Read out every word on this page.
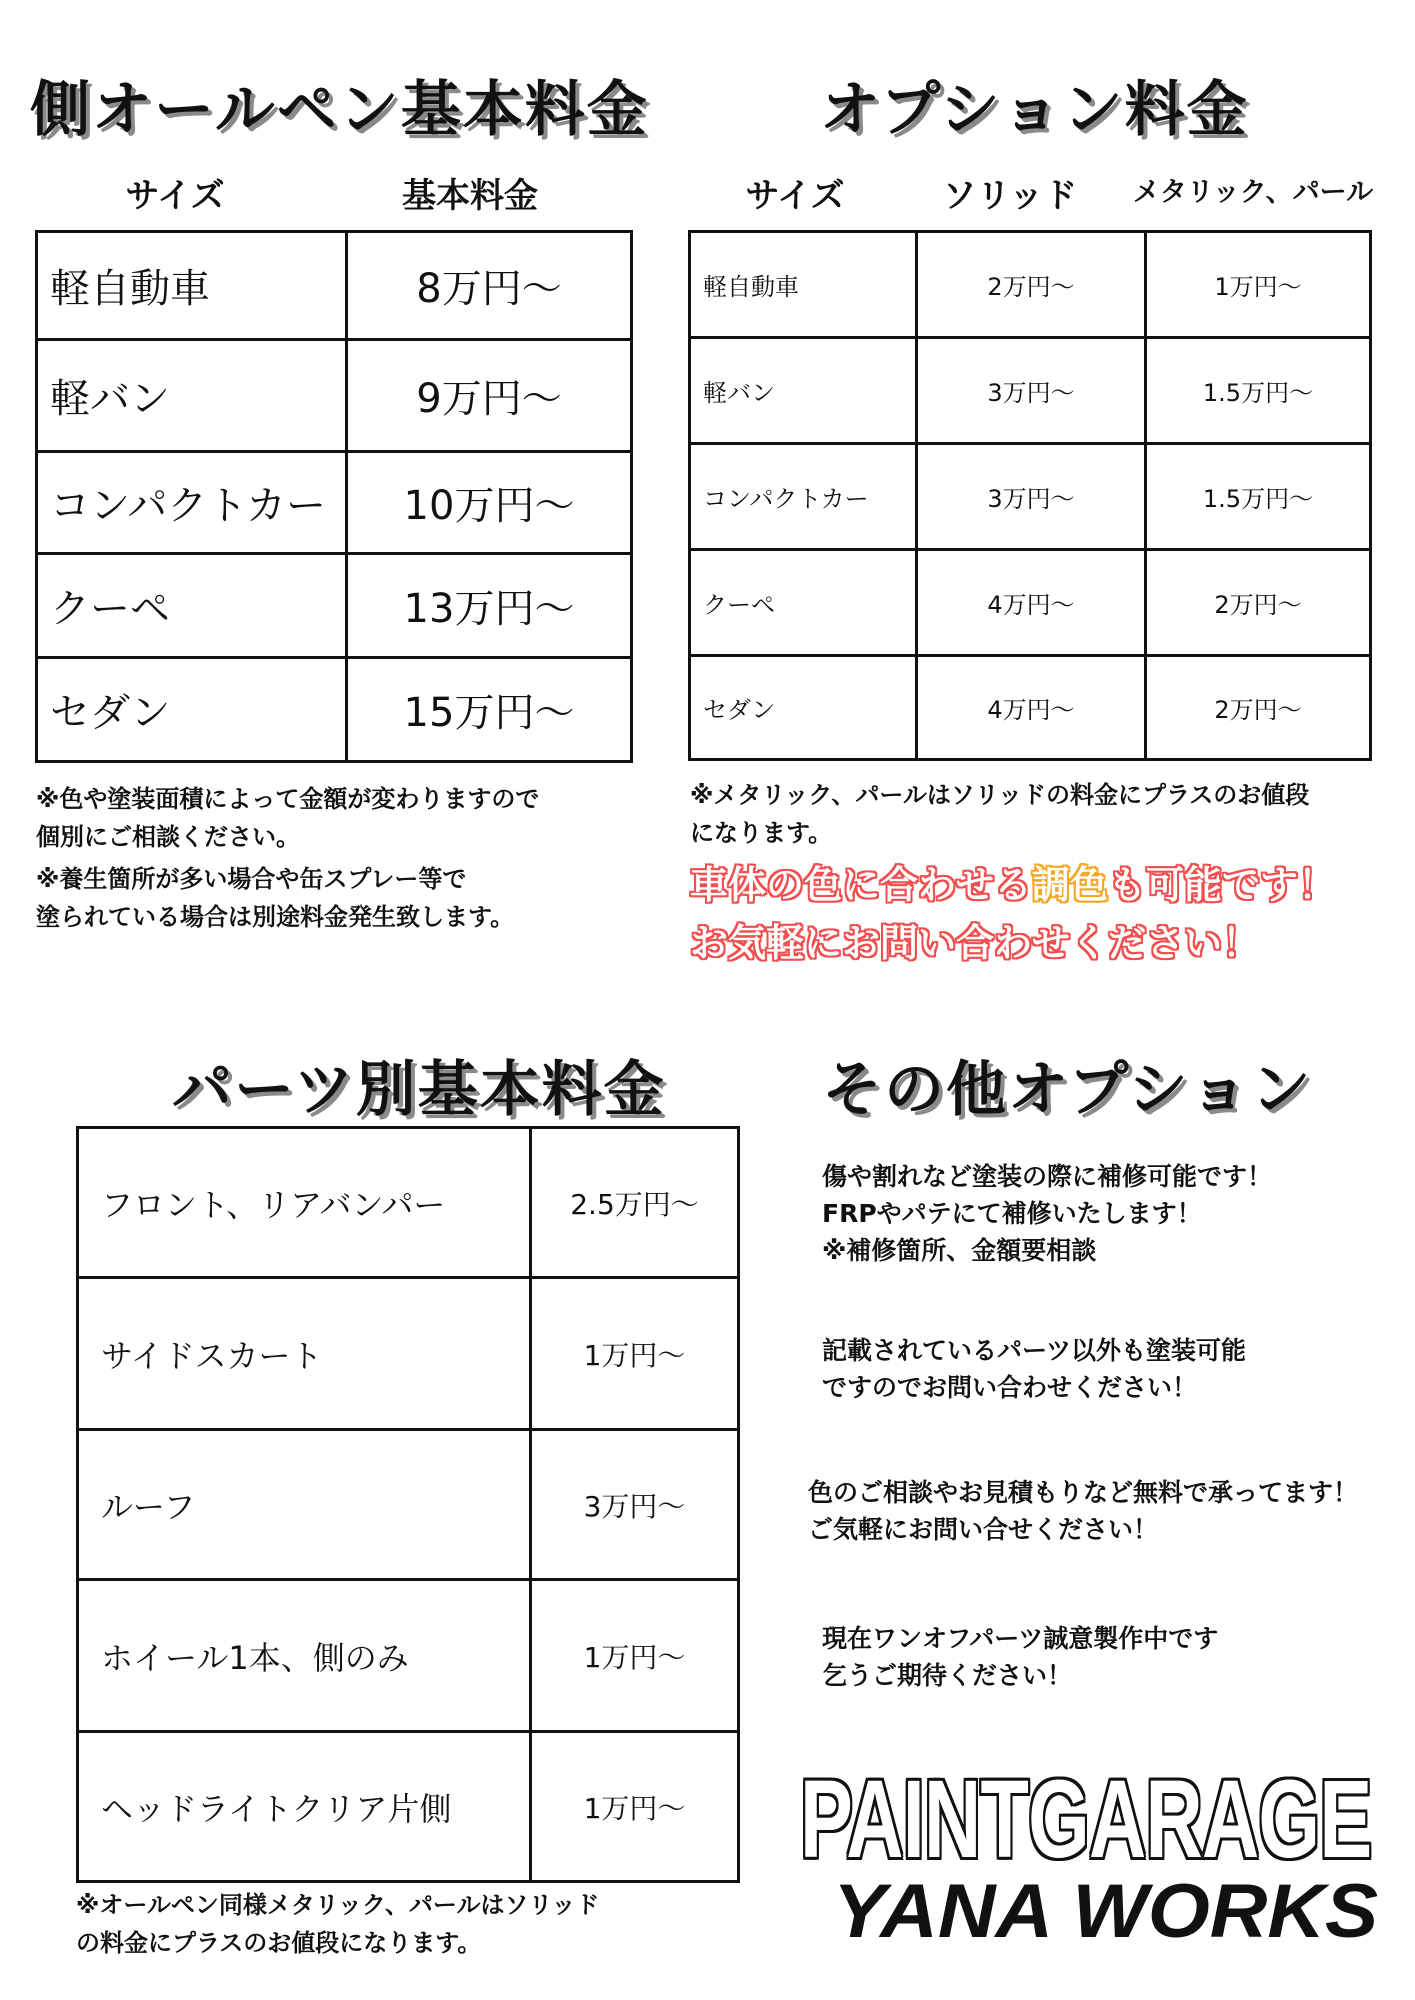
側オールペン基本料金
サイズ	基本料金
軽自動車	8万円〜
軽バン	9万円〜
コンパクトカー	10万円〜
クーペ	13万円〜
セダン	15万円〜
※色や塗装面積によって金額が変わりますので
個別にご相談ください。
※養生箇所が多い場合や缶スプレー等で
塗られている場合は別途料金発生致します。
オプション料金
サイズ	ソリッド	メタリック、パール
軽自動車	2万円〜	1万円〜
軽バン	3万円〜	1.5万円〜
コンパクトカー	3万円〜	1.5万円〜
クーペ	4万円〜	2万円〜
セダン	4万円〜	2万円〜
※メタリック、パールはソリッドの料金にプラスのお値段
になります。
車体の色に合わせる調色も可能です！
お気軽にお問い合わせください！
パーツ別基本料金
フロント、リアバンパー	2.5万円〜
サイドスカート	1万円〜
ルーフ	3万円〜
ホイール1本、側のみ	1万円〜
ヘッドライトクリア片側	1万円〜
※オールペン同様メタリック、パールはソリッド
の料金にプラスのお値段になります。
その他オプション
傷や割れなど塗装の際に補修可能です！
FRPやパテにて補修いたします！
※補修箇所、金額要相談
記載されているパーツ以外も塗装可能
ですのでお問い合わせください！
色のご相談やお見積もりなど無料で承ってます！
ご気軽にお問い合せください！
現在ワンオフパーツ誠意製作中です
乞うご期待ください！
PAINTGARAGE
YANA WORKS
